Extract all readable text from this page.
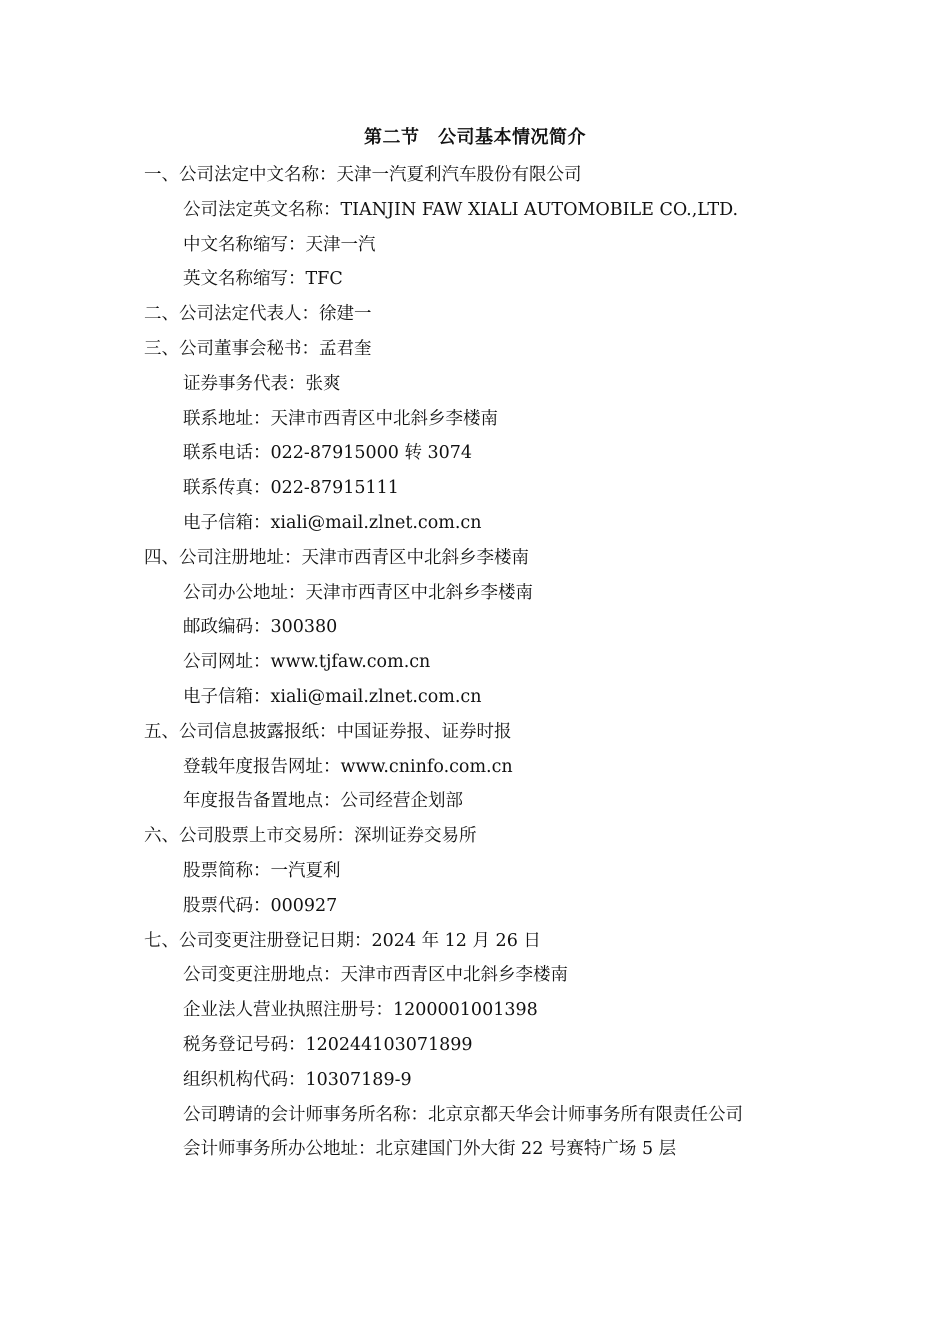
第二节　公司基本情况简介
一、公司法定中文名称：天津一汽夏利汽车股份有限公司
公司法定英文名称：TIANJIN FAW XIALI AUTOMOBILE CO.,LTD.
中文名称缩写：天津一汽
英文名称缩写：TFC
二、公司法定代表人：徐建一
三、公司董事会秘书：孟君奎
证券事务代表：张爽
联系地址：天津市西青区中北斜乡李楼南
联系电话：022-87915000 转 3074
联系传真：022-87915111
电子信箱：xiali@mail.zlnet.com.cn
四、公司注册地址：天津市西青区中北斜乡李楼南
公司办公地址：天津市西青区中北斜乡李楼南
邮政编码：300380
公司网址：www.tjfaw.com.cn
电子信箱：xiali@mail.zlnet.com.cn
五、公司信息披露报纸：中国证券报、证券时报
登载年度报告网址：www.cninfo.com.cn
年度报告备置地点：公司经营企划部
六、公司股票上市交易所：深圳证券交易所
股票简称：一汽夏利
股票代码：000927
七、公司变更注册登记日期：2024 年 12 月 26 日
公司变更注册地点：天津市西青区中北斜乡李楼南
企业法人营业执照注册号：1200001001398
税务登记号码：120244103071899
组织机构代码：10307189-9
公司聘请的会计师事务所名称：北京京都天华会计师事务所有限责任公司
会计师事务所办公地址：北京建国门外大街 22 号赛特广场 5 层
